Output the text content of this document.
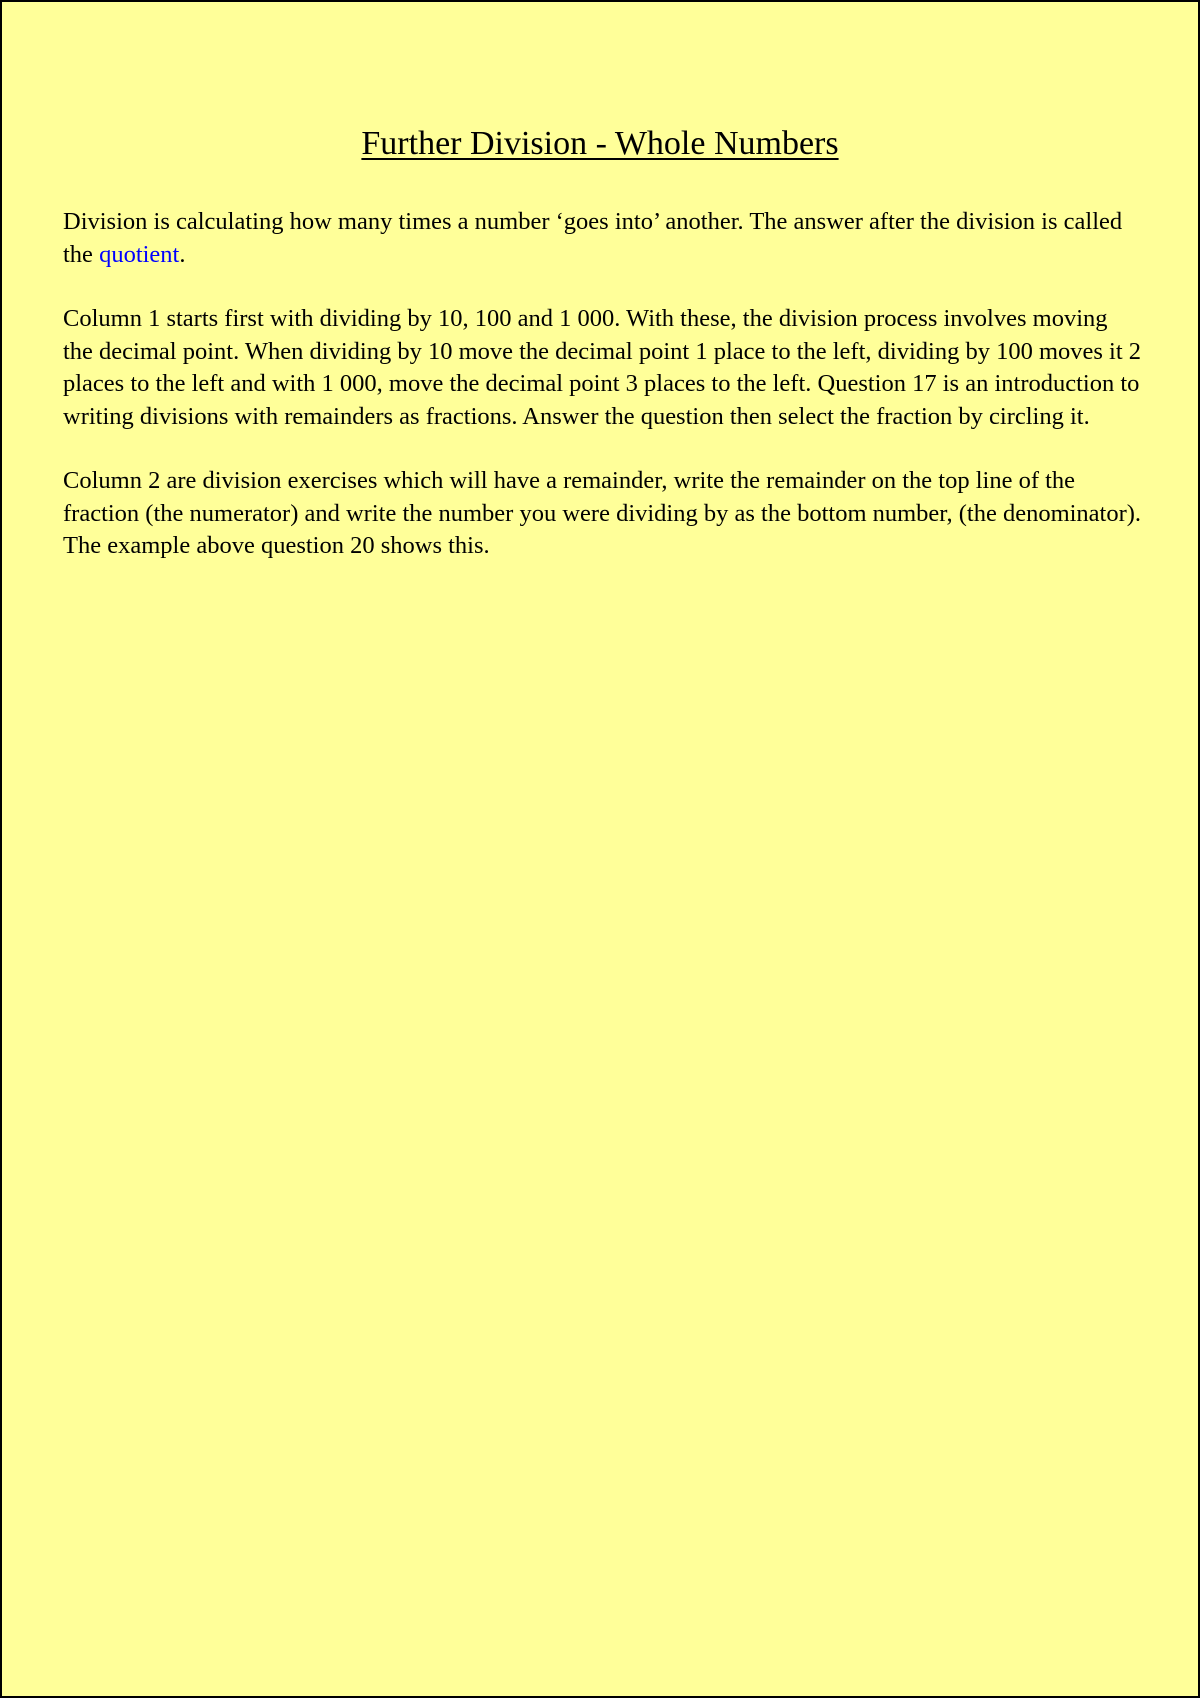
Further Division - Whole Numbers

Division is calculating how many times a number ‘goes into’ another. The answer after the division is called the quotient.

Column 1 starts first with dividing by 10, 100 and 1 000. With these, the division process involves moving the decimal point. When dividing by 10 move the decimal point 1 place to the left, dividing by 100 moves it 2 places to the left and with 1 000, move the decimal point 3 places to the left. Question 17 is an introduction to writing divisions with remainders as fractions. Answer the question then select the fraction by circling it.

Column 2 are division exercises which will have a remainder, write the remainder on the top line of the fraction (the numerator) and write the number you were dividing by as the bottom number, (the denominator). The example above question 20 shows this.
